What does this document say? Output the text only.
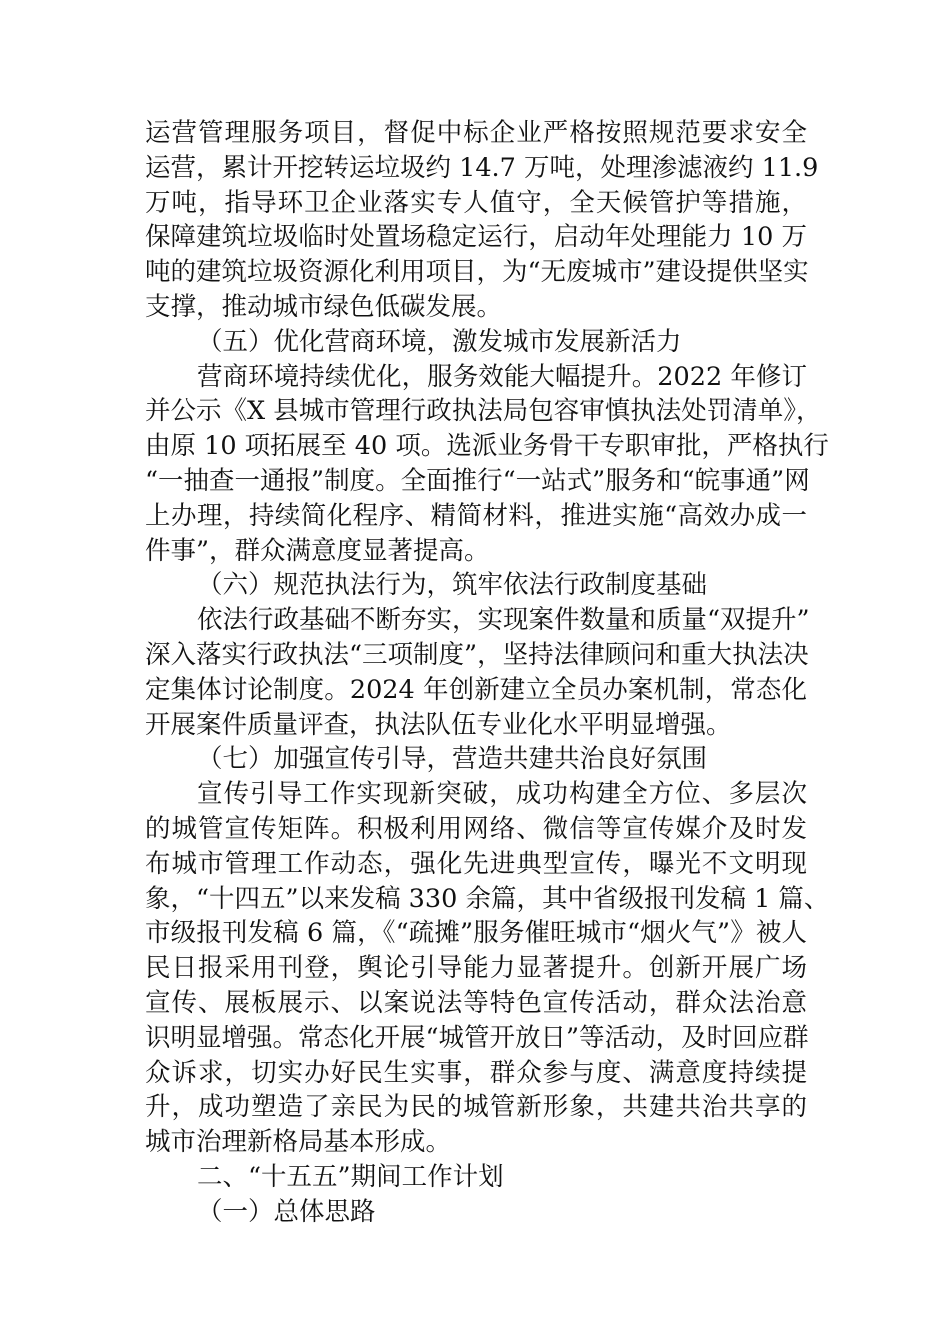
运营管理服务项目，督促中标企业严格按照规范要求安全
运营，累计开挖转运垃圾约 14.7 万吨，处理渗滤液约 11.9
万吨，指导环卫企业落实专人值守，全天候管护等措施，
保障建筑垃圾临时处置场稳定运行，启动年处理能力 10 万
吨的建筑垃圾资源化利用项目，为“无废城市”建设提供坚实
支撑，推动城市绿色低碳发展。
（五）优化营商环境，激发城市发展新活力
营商环境持续优化，服务效能大幅提升。2022 年修订
并公示《X 县城市管理行政执法局包容审慎执法处罚清单》，
由原 10 项拓展至 40 项。选派业务骨干专职审批，严格执行
“一抽查一通报”制度。全面推行“一站式”服务和“皖事通”网
上办理，持续简化程序、精简材料，推进实施“高效办成一
件事”，群众满意度显著提高。
（六）规范执法行为，筑牢依法行政制度基础
依法行政基础不断夯实，实现案件数量和质量“双提升”
深入落实行政执法“三项制度”，坚持法律顾问和重大执法决
定集体讨论制度。2024 年创新建立全员办案机制，常态化
开展案件质量评查，执法队伍专业化水平明显增强。
（七）加强宣传引导，营造共建共治良好氛围
宣传引导工作实现新突破，成功构建全方位、多层次
的城管宣传矩阵。积极利用网络、微信等宣传媒介及时发
布城市管理工作动态，强化先进典型宣传，曝光不文明现
象，“十四五”以来发稿 330 余篇，其中省级报刊发稿 1 篇、
市级报刊发稿 6 篇，《“疏摊”服务催旺城市“烟火气”》被人
民日报采用刊登，舆论引导能力显著提升。创新开展广场
宣传、展板展示、以案说法等特色宣传活动，群众法治意
识明显增强。常态化开展“城管开放日”等活动，及时回应群
众诉求，切实办好民生实事，群众参与度、满意度持续提
升，成功塑造了亲民为民的城管新形象，共建共治共享的
城市治理新格局基本形成。
二、“十五五”期间工作计划
（一）总体思路
